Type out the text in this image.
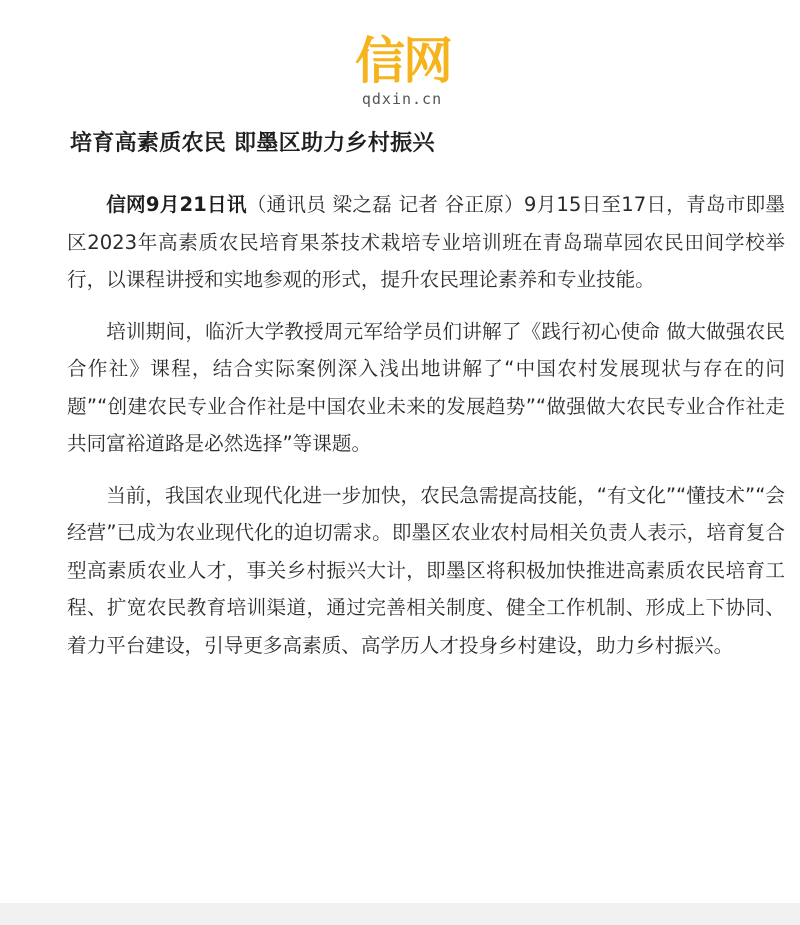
信网
qdxin.cn
培育高素质农民 即墨区助力乡村振兴

信网9月21日讯（通讯员 梁之磊 记者 谷正原）9月15日至17日，青岛市即墨区2023年高素质农民培育果茶技术栽培专业培训班在青岛瑞草园农民田间学校举行，以课程讲授和实地参观的形式，提升农民理论素养和专业技能。

培训期间，临沂大学教授周元军给学员们讲解了《践行初心使命 做大做强农民合作社》课程，结合实际案例深入浅出地讲解了“中国农村发展现状与存在的问题”“创建农民专业合作社是中国农业未来的发展趋势”“做强做大农民专业合作社走共同富裕道路是必然选择”等课题。

当前，我国农业现代化进一步加快，农民急需提高技能，“有文化”“懂技术”“会经营”已成为农业现代化的迫切需求。即墨区农业农村局相关负责人表示，培育复合型高素质农业人才，事关乡村振兴大计，即墨区将积极加快推进高素质农民培育工程、扩宽农民教育培训渠道，通过完善相关制度、健全工作机制、形成上下协同、着力平台建设，引导更多高素质、高学历人才投身乡村建设，助力乡村振兴。
